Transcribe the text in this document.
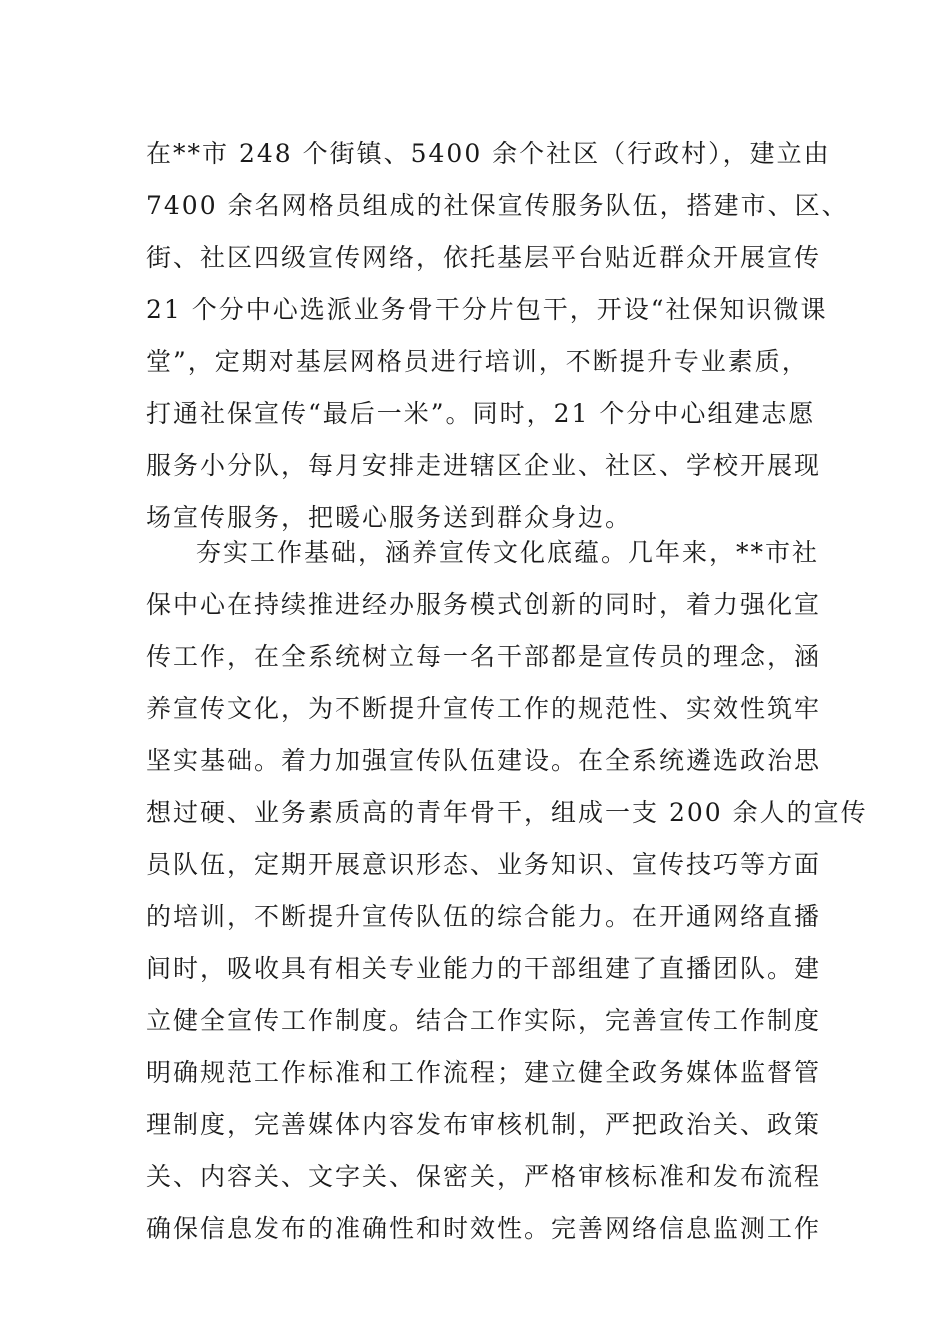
在**市 248 个街镇、5400 余个社区（行政村），建立由
7400 余名网格员组成的社保宣传服务队伍，搭建市、区、
街、社区四级宣传网络，依托基层平台贴近群众开展宣传
21 个分中心选派业务骨干分片包干，开设“社保知识微课
堂”，定期对基层网格员进行培训，不断提升专业素质，
打通社保宣传“最后一米”。同时，21 个分中心组建志愿
服务小分队，每月安排走进辖区企业、社区、学校开展现
场宣传服务，把暖心服务送到群众身边。
夯实工作基础，涵养宣传文化底蕴。几年来，**市社
保中心在持续推进经办服务模式创新的同时，着力强化宣
传工作，在全系统树立每一名干部都是宣传员的理念，涵
养宣传文化，为不断提升宣传工作的规范性、实效性筑牢
坚实基础。着力加强宣传队伍建设。在全系统遴选政治思
想过硬、业务素质高的青年骨干，组成一支 200 余人的宣传
员队伍，定期开展意识形态、业务知识、宣传技巧等方面
的培训，不断提升宣传队伍的综合能力。在开通网络直播
间时，吸收具有相关专业能力的干部组建了直播团队。建
立健全宣传工作制度。结合工作实际，完善宣传工作制度
明确规范工作标准和工作流程；建立健全政务媒体监督管
理制度，完善媒体内容发布审核机制，严把政治关、政策
关、内容关、文字关、保密关，严格审核标准和发布流程
确保信息发布的准确性和时效性。完善网络信息监测工作
